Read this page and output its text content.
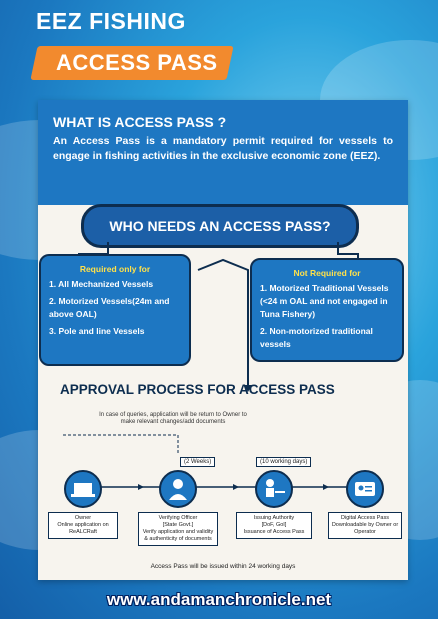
EEZ FISHING
ACCESS PASS
WHAT IS ACCESS PASS ?
An Access Pass is a mandatory permit required for vessels to engage in fishing activities in the exclusive economic zone (EEZ).
WHO NEEDS AN ACCESS PASS?
Required only for
1. All Mechanized Vessels
2. Motorized Vessels(24m and above OAL)
3. Pole and line Vessels
Not Required for
1. Motorized Traditional Vessels (<24 m OAL and not engaged in Tuna Fishery)
2. Non-motorized traditional vessels
APPROVAL PROCESS FOR ACCESS PASS
In case of queries, application will be return to Owner to make relevant changes/add documents
(2 Weeks)	(10 working days)
Owner
Online application on ReALCRaft
Verifying Officer
[State Govt.]
Verify application and validity & authenticity of documents
Issuing Authority
[DoF, GoI]
Issuance of Access Pass
Digital Access Pass
Downloadable by Owner or Operator
Access Pass will be issued within 24 working days
www.andamanchronicle.net
